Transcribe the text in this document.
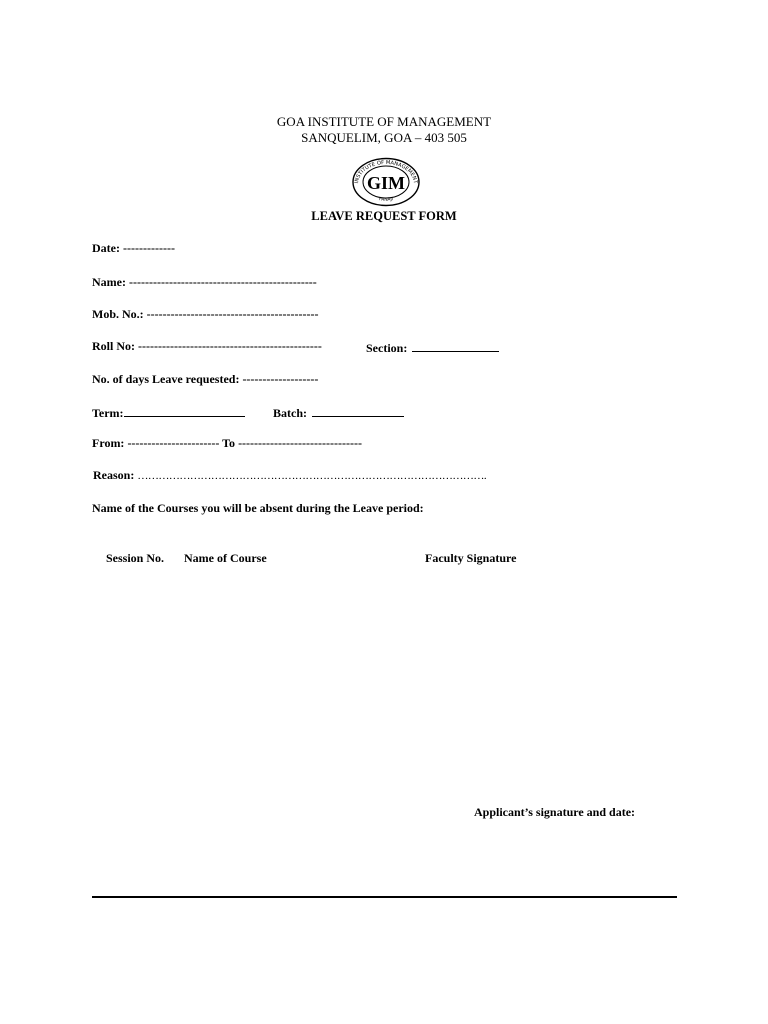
GOA INSTITUTE OF MANAGEMENT
SANQUELIM, GOA – 403 505
INSTITUTE OF MANAGEMENT
PANAJI
GIM
LEAVE REQUEST FORM
Date: -------------
Name: -----------------------------------------------
Mob. No.: -------------------------------------------
Roll No: ----------------------------------------------	Section:
No. of days Leave requested: -------------------
Term:	Batch:
From: ----------------------- To -------------------------------
Reason: ……………………………………………………………………………………….
Name of the Courses you will be absent during the Leave period:
Session No. Name of Course	Faculty Signature
Applicant’s signature and date:
